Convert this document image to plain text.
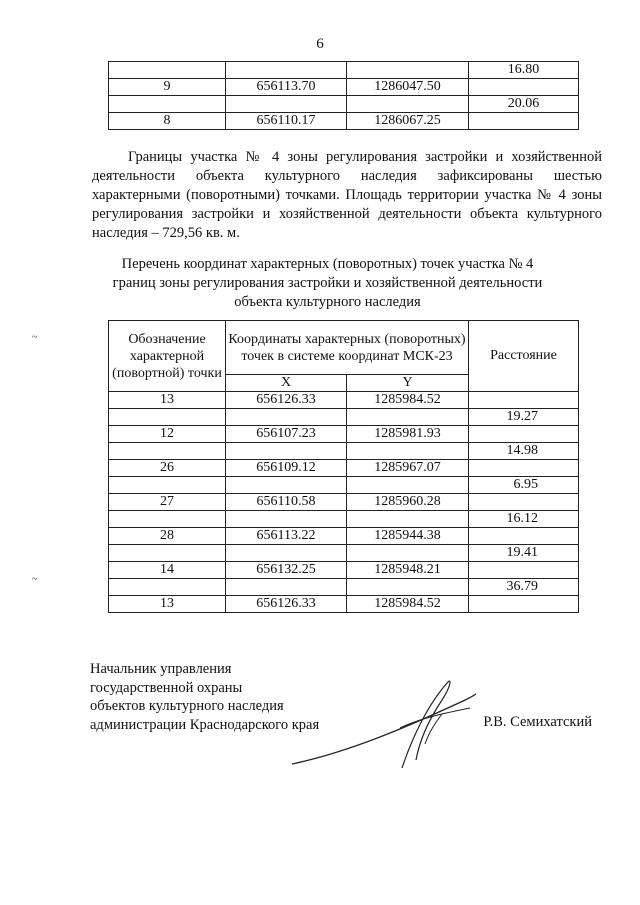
6
			16.80
9	656113.70	1286047.50	
			20.06
8	656110.17	1286067.25	
Границы участка № 4 зоны регулирования застройки и хозяйственной деятельности объекта культурного наследия зафиксированы шестью характерными (поворотными) точками. Площадь территории участка № 4 зоны регулирования застройки и хозяйственной деятельности объекта культурного наследия – 729,56 кв. м.
Перечень координат характерных (поворотных) точек участка № 4
границ зоны регулирования застройки и хозяйственной деятельности
объекта культурного наследия
~
~
Обозначение характерной (повортной) точки	Координаты характерных (поворотных) точек в системе координат МСК-23		Расстояние
	X	Y	
13	656126.33	1285984.52	
			19.27
12	656107.23	1285981.93	
			14.98
26	656109.12	1285967.07	
			6.95
27	656110.58	1285960.28	
			16.12
28	656113.22	1285944.38	
			19.41
14	656132.25	1285948.21	
			36.79
13	656126.33	1285984.52	
Начальник управления
государственной охраны
объектов культурного наследия
администрации Краснодарского края	Р.В. Семихатский
